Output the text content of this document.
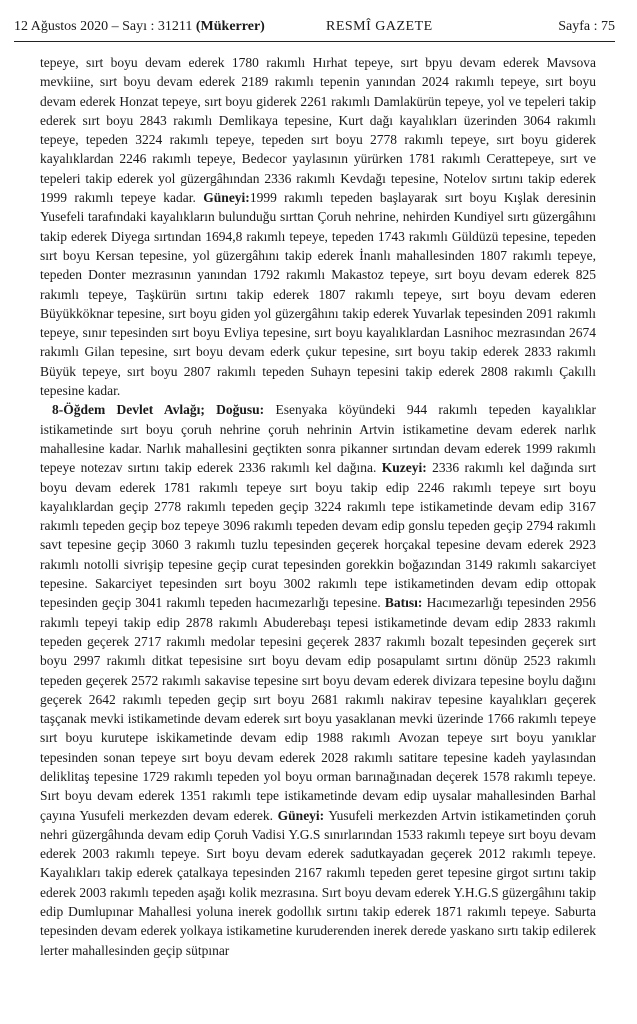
12 Ağustos 2020 – Sayı : 31211 (Mükerrer)	RESMÎ GAZETE	Sayfa : 75

tepeye, sırt boyu devam ederek 1780 rakımlı Hırhat tepeye, sırt bpyu devam ederek Mavsova mevkiine, sırt boyu devam ederek 2189 rakımlı tepenin yanından 2024 rakımlı tepeye, sırt boyu devam ederek Honzat tepeye, sırt boyu giderek 2261 rakımlı Damlakürün tepeye, yol ve tepeleri takip ederek sırt boyu 2843 rakımlı Demlikaya tepesine, Kurt dağı kayalıkları üzerinden 3064 rakımlı tepeye, tepeden 3224 rakımlı tepeye, tepeden sırt boyu 2778 rakımlı tepeye, sırt boyu giderek kayalıklardan 2246 rakımlı tepeye, Bedecor yaylasının yürürken 1781 rakımlı Cerattepeye, sırt ve tepeleri takip ederek yol güzergâhından 2336 rakımlı Kevdağı tepesine, Notelov sırtını takip ederek 1999 rakımlı tepeye kadar. Güneyi:1999 rakımlı tepeden başlayarak sırt boyu Kışlak deresinin Yusefeli tarafındaki kayalıkların bulunduğu sırttan Çoruh nehrine, nehirden Kundiyel sırtı güzergâhını takip ederek Diyega sırtından 1694,8 rakımlı tepeye, tepeden 1743 rakımlı Güldüzü tepesine, tepeden sırt boyu Kersan tepesine, yol güzergâhını takip ederek İnanlı mahallesinden 1807 rakımlı tepeye, tepeden Donter mezrasının yanından 1792 rakımlı Makastoz tepeye, sırt boyu devam ederek 825 rakımlı tepeye, Taşkürün sırtını takip ederek 1807 rakımlı tepeye, sırt boyu devam ederen Büyükköknar tepesine, sırt boyu giden yol güzergâhını takip ederek Yuvarlak tepesinden 2091 rakımlı tepeye, sınır tepesinden sırt boyu Evliya tepesine, sırt boyu kayalıklardan Lasnihoc mezrasından 2674 rakımlı Gilan tepesine, sırt boyu devam ederk çukur tepesine, sırt boyu takip ederek 2833 rakımlı Büyük tepeye, sırt boyu 2807 rakımlı tepeden Suhayn tepesini takip ederek 2808 rakımlı Çakıllı tepesine kadar.

8-Öğdem Devlet Avlağı; Doğusu: Esenyaka köyündeki 944 rakımlı tepeden kayalıklar istikametinde sırt boyu çoruh nehrine çoruh nehrinin Artvin istikametine devam ederek narlık mahallesine kadar. Narlık mahallesini geçtikten sonra pikanner sırtından devam ederek 1999 rakımlı tepeye notezav sırtını takip ederek 2336 rakımlı kel dağına. Kuzeyi: 2336 rakımlı kel dağında sırt boyu devam ederek 1781 rakımlı tepeye sırt boyu takip edip 2246 rakımlı tepeye sırt boyu kayalıklardan geçip 2778 rakımlı tepeden geçip 3224 rakımlı tepe istikametinde devam edip 3167 rakımlı tepeden geçip boz tepeye 3096 rakımlı tepeden devam edip gonslu tepeden geçip 2794 rakımlı savt tepesine geçip 3060 3 rakımlı tuzlu tepesinden geçerek horçakal tepesine devam ederek 2923 rakımlı notolli sivrişip tepesine geçip curat tepesinden gorekkin boğazından 3149 rakımlı sakarciyet tepesine. Sakarciyet tepesinden sırt boyu 3002 rakımlı tepe istikametinden devam edip ottopak tepesinden geçip 3041 rakımlı tepeden hacımezarlığı tepesine. Batısı: Hacımezarlığı tepesinden 2956 rakımlı tepeyi takip edip 2878 rakımlı Abuderebaşı tepesi istikametinde devam edip 2833 rakımlı tepeden geçerek 2717 rakımlı medolar tepesini geçerek 2837 rakımlı bozalt tepesinden geçerek sırt boyu 2997 rakımlı ditkat tepesisine sırt boyu devam edip posapulamt sırtını dönüp 2523 rakımlı tepeden geçerek 2572 rakımlı sakavise tepesine sırt boyu devam ederek divizara tepesine boylu dağını geçerek 2642 rakımlı tepeden geçip sırt boyu 2681 rakımlı nakirav tepesine kayalıkları geçerek taşçanak mevki istikametinde devam ederek sırt boyu yasaklanan mevki üzerinde 1766 rakımlı tepeye sırt boyu kurutepe iskikametinde devam edip 1988 rakımlı Avozan tepeye sırt boyu yanıklar tepesinden sonan tepeye sırt boyu devam ederek 2028 rakımlı satitare tepesine kadeh yaylasından deliklitaş tepesine 1729 rakımlı tepeden yol boyu orman barınağınadan deçerek 1578 rakımlı tepeye. Sırt boyu devam ederek 1351 rakımlı tepe istikametinde devam edip uysalar mahallesinden Barhal çayına Yusufeli merkezden devam ederek. Güneyi: Yusufeli merkezden Artvin istikametinden çoruh nehri güzergâhında devam edip Çoruh Vadisi Y.G.S sınırlarından 1533 rakımlı tepeye sırt boyu devam ederek 2003 rakımlı tepeye. Sırt boyu devam ederek sadutkayadan geçerek 2012 rakımlı tepeye. Kayalıkları takip ederek çatalkaya tepesinden 2167 rakımlı tepeden geret tepesine girgot sırtını takip ederek 2003 rakımlı tepeden aşağı kolik mezrasına. Sırt boyu devam ederek Y.H.G.S güzergâhını takip edip Dumlupınar Mahallesi yoluna inerek godollık sırtını takip ederek 1871 rakımlı tepeye. Saburta tepesinden devam ederek yolkaya istikametine kuruderenden inerek derede yaskano sırtı takip edilerek lerter mahallesinden geçip sütpınar
